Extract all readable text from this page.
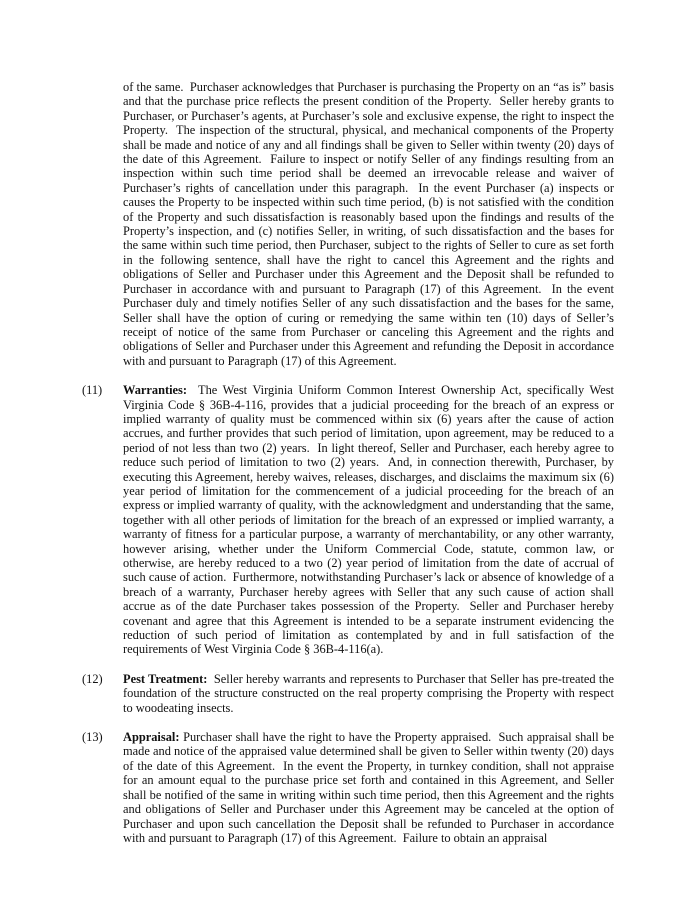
of the same.  Purchaser acknowledges that Purchaser is purchasing the Property on an “as is” basis and that the purchase price reflects the present condition of the Property.  Seller hereby grants to Purchaser, or Purchaser’s agents, at Purchaser’s sole and exclusive expense, the right to inspect the Property.  The inspection of the structural, physical, and mechanical components of the Property shall be made and notice of any and all findings shall be given to Seller within twenty (20) days of the date of this Agreement.  Failure to inspect or notify Seller of any findings resulting from an inspection within such time period shall be deemed an irrevocable release and waiver of Purchaser’s rights of cancellation under this paragraph.  In the event Purchaser (a) inspects or causes the Property to be inspected within such time period, (b) is not satisfied with the condition of the Property and such dissatisfaction is reasonably based upon the findings and results of the Property’s inspection, and (c) notifies Seller, in writing, of such dissatisfaction and the bases for the same within such time period, then Purchaser, subject to the rights of Seller to cure as set forth in the following sentence, shall have the right to cancel this Agreement and the rights and obligations of Seller and Purchaser under this Agreement and the Deposit shall be refunded to Purchaser in accordance with and pursuant to Paragraph (17) of this Agreement.  In the event Purchaser duly and timely notifies Seller of any such dissatisfaction and the bases for the same, Seller shall have the option of curing or remedying the same within ten (10) days of Seller’s receipt of notice of the same from Purchaser or canceling this Agreement and the rights and obligations of Seller and Purchaser under this Agreement and refunding the Deposit in accordance with and pursuant to Paragraph (17) of this Agreement.
(11)	Warranties:  The West Virginia Uniform Common Interest Ownership Act, specifically West Virginia Code § 36B-4-116, provides that a judicial proceeding for the breach of an express or implied warranty of quality must be commenced within six (6) years after the cause of action accrues, and further provides that such period of limitation, upon agreement, may be reduced to a period of not less than two (2) years.  In light thereof, Seller and Purchaser, each hereby agree to reduce such period of limitation to two (2) years.  And, in connection therewith, Purchaser, by executing this Agreement, hereby waives, releases, discharges, and disclaims the maximum six (6) year period of limitation for the commencement of a judicial proceeding for the breach of an express or implied warranty of quality, with the acknowledgment and understanding that the same, together with all other periods of limitation for the breach of an expressed or implied warranty, a warranty of fitness for a particular purpose, a warranty of merchantability, or any other warranty, however arising, whether under the Uniform Commercial Code, statute, common law, or otherwise, are hereby reduced to a two (2) year period of limitation from the date of accrual of such cause of action.  Furthermore, notwithstanding Purchaser’s lack or absence of knowledge of a breach of a warranty, Purchaser hereby agrees with Seller that any such cause of action shall accrue as of the date Purchaser takes possession of the Property.  Seller and Purchaser hereby covenant and agree that this Agreement is intended to be a separate instrument evidencing the reduction of such period of limitation as contemplated by and in full satisfaction of the requirements of West Virginia Code § 36B-4-116(a).
(12)	Pest Treatment:  Seller hereby warrants and represents to Purchaser that Seller has pre-treated the foundation of the structure constructed on the real property comprising the Property with respect to woodeating insects.
(13)	Appraisal: Purchaser shall have the right to have the Property appraised.  Such appraisal shall be made and notice of the appraised value determined shall be given to Seller within twenty (20) days of the date of this Agreement.  In the event the Property, in turnkey condition, shall not appraise for an amount equal to the purchase price set forth and contained in this Agreement, and Seller shall be notified of the same in writing within such time period, then this Agreement and the rights and obligations of Seller and Purchaser under this Agreement may be canceled at the option of Purchaser and upon such cancellation the Deposit shall be refunded to Purchaser in accordance with and pursuant to Paragraph (17) of this Agreement.  Failure to obtain an appraisal
